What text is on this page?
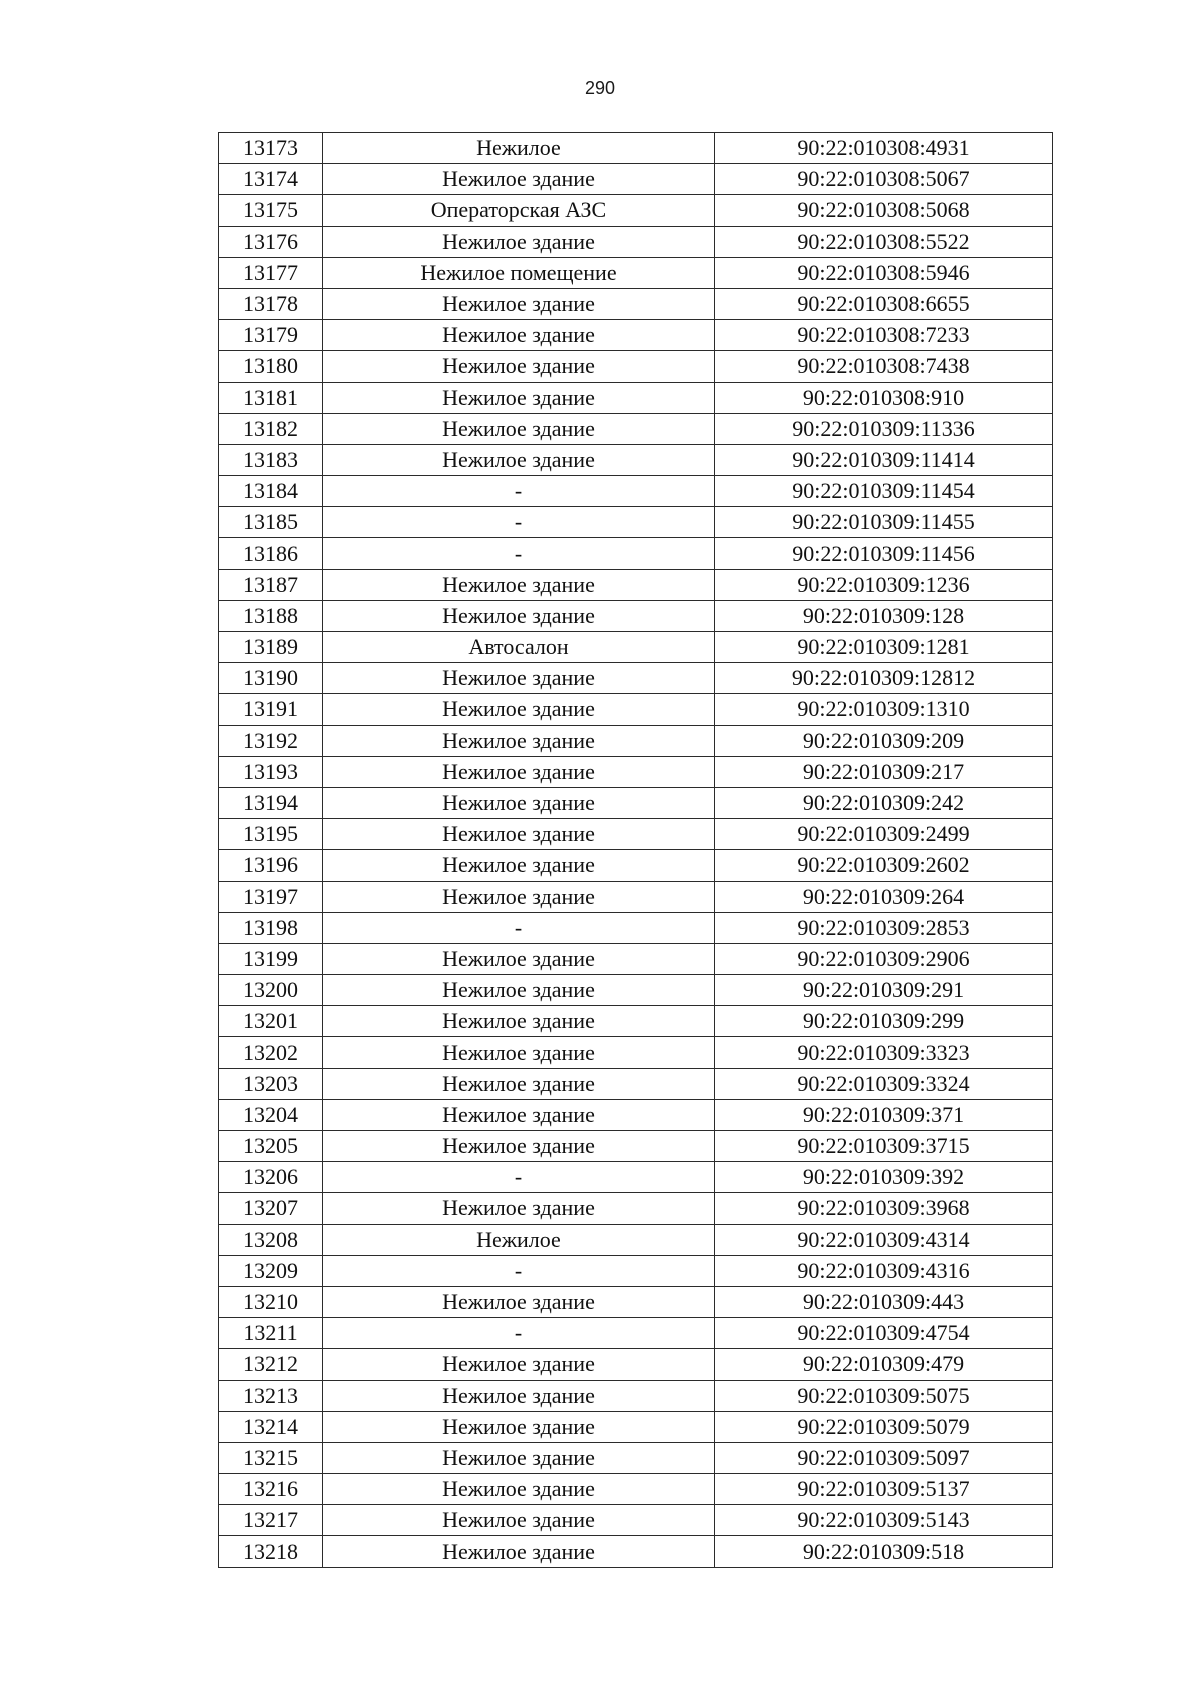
290
13173	Нежилое	90:22:010308:4931
13174	Нежилое здание	90:22:010308:5067
13175	Операторская АЗС	90:22:010308:5068
13176	Нежилое здание	90:22:010308:5522
13177	Нежилое помещение	90:22:010308:5946
13178	Нежилое здание	90:22:010308:6655
13179	Нежилое здание	90:22:010308:7233
13180	Нежилое здание	90:22:010308:7438
13181	Нежилое здание	90:22:010308:910
13182	Нежилое здание	90:22:010309:11336
13183	Нежилое здание	90:22:010309:11414
13184	-	90:22:010309:11454
13185	-	90:22:010309:11455
13186	-	90:22:010309:11456
13187	Нежилое здание	90:22:010309:1236
13188	Нежилое здание	90:22:010309:128
13189	Автосалон	90:22:010309:1281
13190	Нежилое здание	90:22:010309:12812
13191	Нежилое здание	90:22:010309:1310
13192	Нежилое здание	90:22:010309:209
13193	Нежилое здание	90:22:010309:217
13194	Нежилое здание	90:22:010309:242
13195	Нежилое здание	90:22:010309:2499
13196	Нежилое здание	90:22:010309:2602
13197	Нежилое здание	90:22:010309:264
13198	-	90:22:010309:2853
13199	Нежилое здание	90:22:010309:2906
13200	Нежилое здание	90:22:010309:291
13201	Нежилое здание	90:22:010309:299
13202	Нежилое здание	90:22:010309:3323
13203	Нежилое здание	90:22:010309:3324
13204	Нежилое здание	90:22:010309:371
13205	Нежилое здание	90:22:010309:3715
13206	-	90:22:010309:392
13207	Нежилое здание	90:22:010309:3968
13208	Нежилое	90:22:010309:4314
13209	-	90:22:010309:4316
13210	Нежилое здание	90:22:010309:443
13211	-	90:22:010309:4754
13212	Нежилое здание	90:22:010309:479
13213	Нежилое здание	90:22:010309:5075
13214	Нежилое здание	90:22:010309:5079
13215	Нежилое здание	90:22:010309:5097
13216	Нежилое здание	90:22:010309:5137
13217	Нежилое здание	90:22:010309:5143
13218	Нежилое здание	90:22:010309:518
